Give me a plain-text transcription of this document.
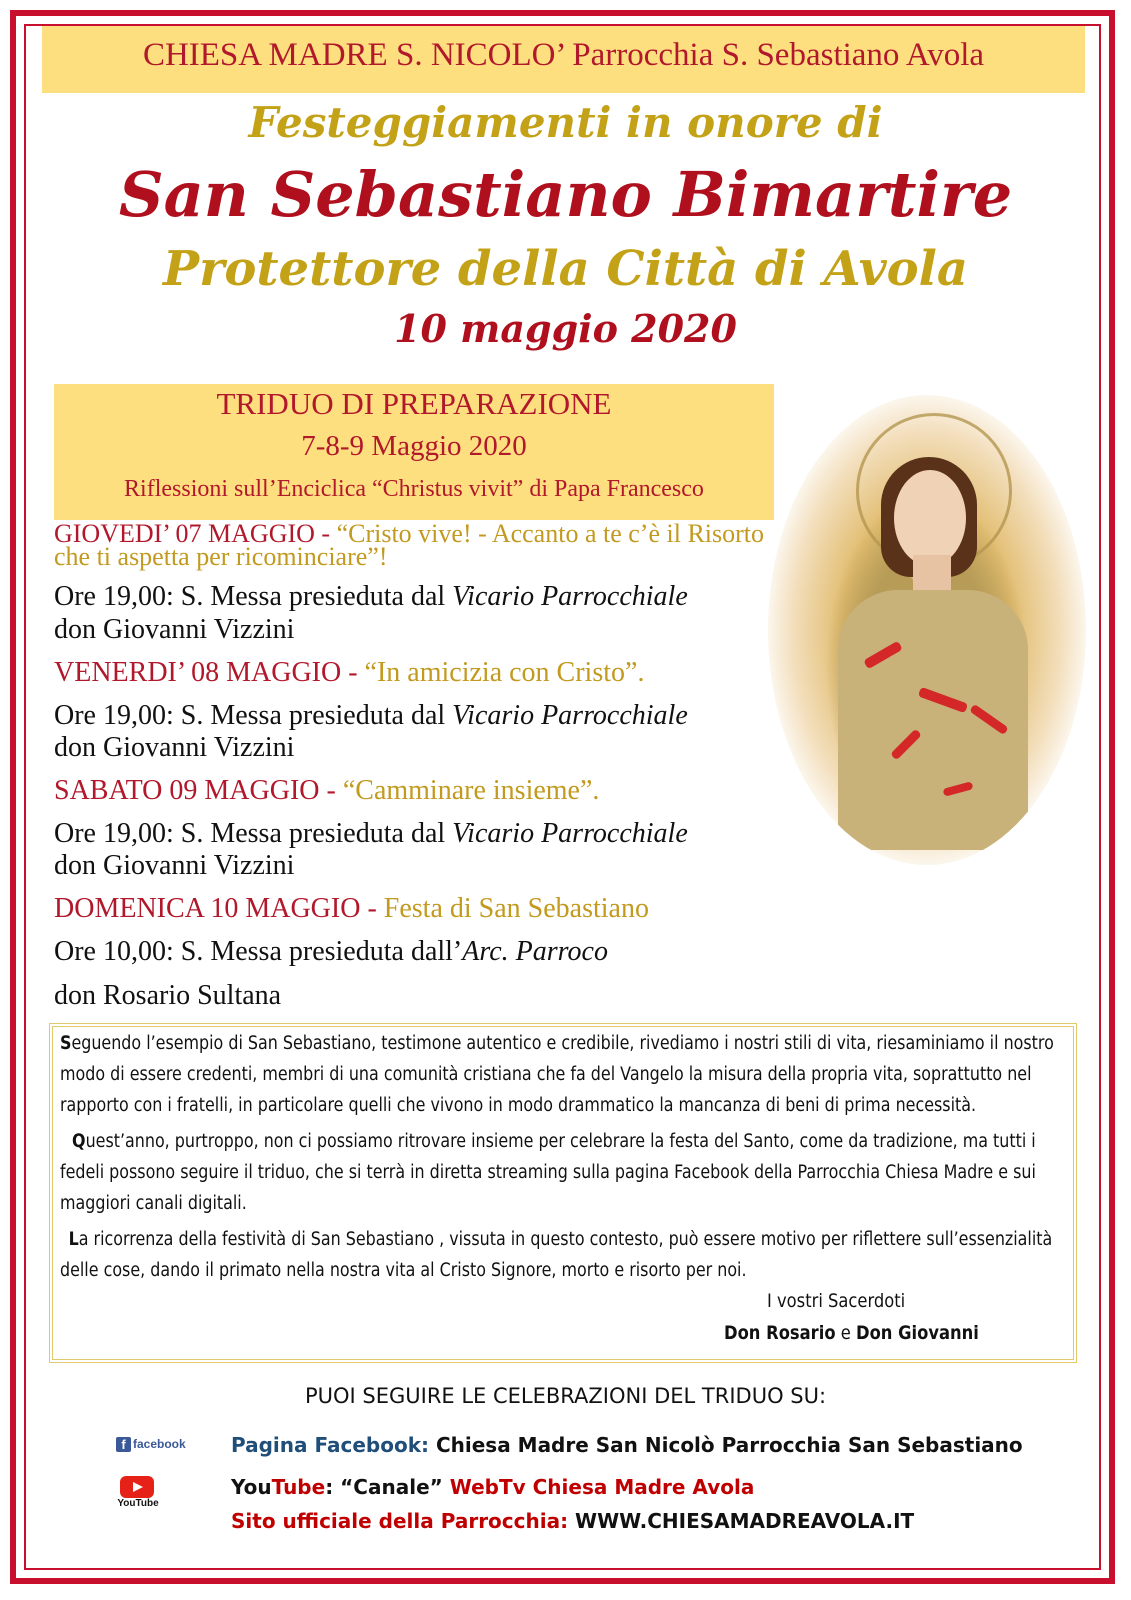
CHIESA MADRE S. NICOLO’ Parrocchia S. Sebastiano Avola
Festeggiamenti in onore di
San Sebastiano Bimartire
Protettore della Città di Avola
10 maggio 2020
TRIDUO DI PREPARAZIONE
7-8-9 Maggio 2020
Riflessioni sull’Enciclica “Christus vivit” di Papa Francesco
GIOVEDI’ 07 MAGGIO - “Cristo vive! - Accanto a te c’è il Risorto che ti aspetta per ricominciare”!
Ore 19,00: S. Messa presieduta dal Vicario Parrocchiale
don Giovanni Vizzini
VENERDI’ 08 MAGGIO - “In amicizia con Cristo”.
Ore 19,00: S. Messa presieduta dal Vicario Parrocchiale
don Giovanni Vizzini
SABATO 09 MAGGIO - “Camminare insieme”.
Ore 19,00: S. Messa presieduta dal Vicario Parrocchiale
don Giovanni Vizzini
DOMENICA 10 MAGGIO - Festa di San Sebastiano
Ore 10,00: S. Messa presieduta dall’Arc. Parroco
don Rosario Sultana
Seguendo l’esempio di San Sebastiano, testimone autentico e credibile, rivediamo i nostri stili di vita, riesaminiamo il nostro modo di essere credenti, membri di una comunità cristiana che fa del Vangelo la misura della propria vita, soprattutto nel rapporto con i fratelli, in particolare quelli che vivono in modo drammatico la mancanza di beni di prima necessità.
Quest’anno, purtroppo, non ci possiamo ritrovare insieme per celebrare la festa del Santo, come da tradizione, ma tutti i fedeli possono seguire il triduo, che si terrà in diretta streaming sulla pagina Facebook della Parrocchia Chiesa Madre e sui maggiori canali digitali.
La ricorrenza della festività di San Sebastiano , vissuta in questo contesto, può essere motivo per riflettere sull’essenzialità delle cose, dando il primato nella nostra vita al Cristo Signore, morto e risorto per noi.
I vostri Sacerdoti
Don Rosario e Don Giovanni
PUOI SEGUIRE LE CELEBRAZIONI DEL TRIDUO SU:
f facebook
YouTube
Pagina Facebook: Chiesa Madre San Nicolò Parrocchia San Sebastiano
YouTube: “Canale” WebTv Chiesa Madre Avola
Sito ufficiale della Parrocchia: WWW.CHIESAMADREAVOLA.IT
